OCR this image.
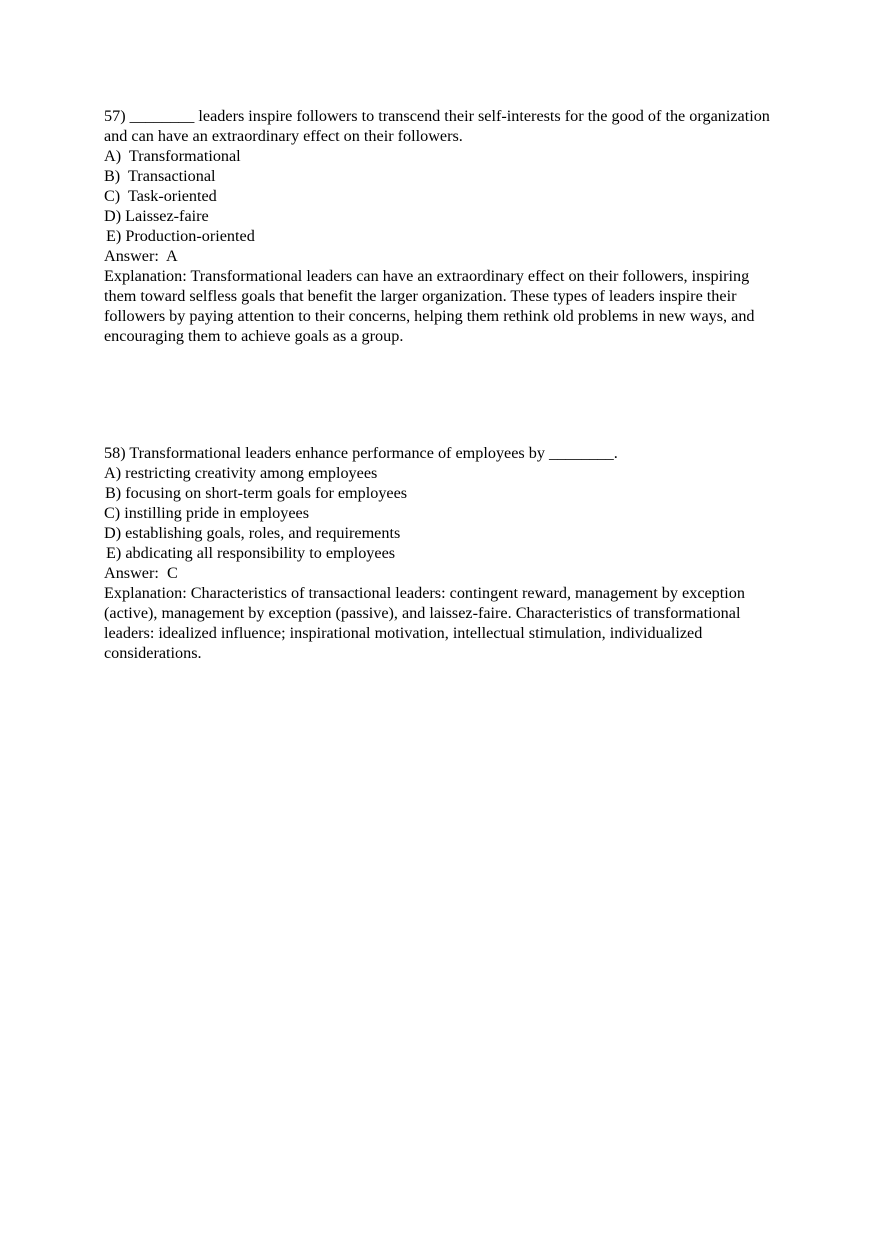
57) ________ leaders inspire followers to transcend their self-interests for the good of the organization and can have an extraordinary effect on their followers.
A)  Transformational
B)  Transactional
C)  Task-oriented
D) Laissez-faire
E) Production-oriented
Answer:  A
Explanation: Transformational leaders can have an extraordinary effect on their followers, inspiring them toward selfless goals that benefit the larger organization. These types of leaders inspire their followers by paying attention to their concerns, helping them rethink old problems in new ways, and encouraging them to achieve goals as a group.
58) Transformational leaders enhance performance of employees by ________.
A) restricting creativity among employees
B) focusing on short-term goals for employees
C) instilling pride in employees
D) establishing goals, roles, and requirements
E) abdicating all responsibility to employees
Answer:  C
Explanation: Characteristics of transactional leaders: contingent reward, management by exception (active), management by exception (passive), and laissez-faire. Characteristics of transformational leaders: idealized influence; inspirational motivation, intellectual stimulation, individualized considerations.
